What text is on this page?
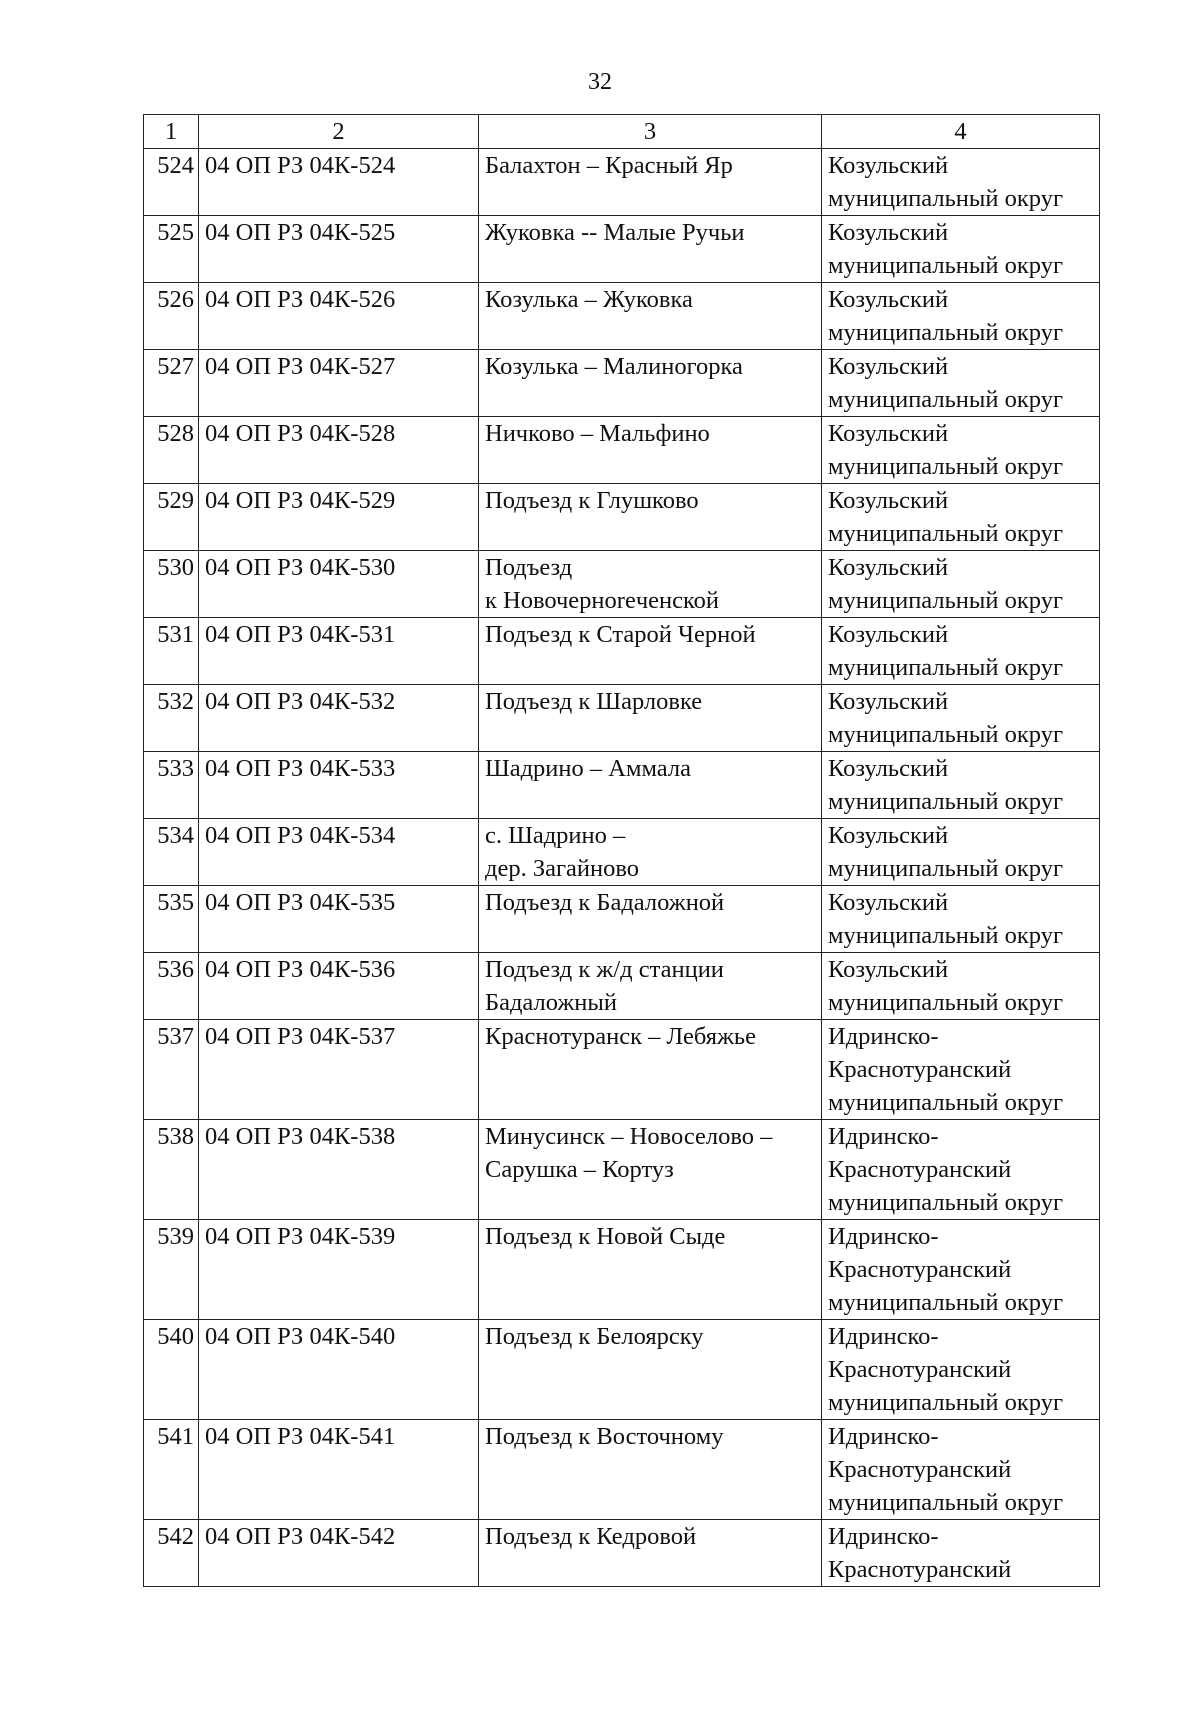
32
1	2	3	4
524	04 ОП РЗ 04К-524	Балахтон – Красный Яр	Козульский
муниципальный округ

525	04 ОП РЗ 04К-525	Жуковка -- Малые Ручьи	Козульский
муниципальный округ

526	04 ОП РЗ 04К-526	Козулька – Жуковка	Козульский
муниципальный округ

527	04 ОП РЗ 04К-527	Козулька – Малиногорка	Козульский
муниципальный округ

528	04 ОП РЗ 04К-528	Ничково – Мальфино	Козульский
муниципальный округ

529	04 ОП РЗ 04К-529	Подъезд к Глушково	Козульский
муниципальный округ

530	04 ОП РЗ 04К-530	Подъезд
к Новочерноreченской	Козульский
муниципальный округ

531	04 ОП РЗ 04К-531	Подъезд к Старой Черной	Козульский
муниципальный округ

532	04 ОП РЗ 04К-532	Подъезд к Шарловке	Козульский
муниципальный округ

533	04 ОП РЗ 04К-533	Шадрино – Аммала	Козульский
муниципальный округ

534	04 ОП РЗ 04К-534	с. Шадрино –
дер. Загайново	Козульский
муниципальный округ

535	04 ОП РЗ 04К-535	Подъезд к Бадаложной	Козульский
муниципальный округ

536	04 ОП РЗ 04К-536	Подъезд к ж/д станции
Бадаложный	Козульский
муниципальный округ

537	04 ОП РЗ 04К-537	Краснотуранск – Лебяжье	Идринско-
Краснотуранский
муниципальный округ

538	04 ОП РЗ 04К-538	Минусинск – Новоселово –
Сарушка – Кортуз	Идринско-
Краснотуранский
муниципальный округ

539	04 ОП РЗ 04К-539	Подъезд к Новой Сыде	Идринско-
Краснотуранский
муниципальный округ

540	04 ОП РЗ 04К-540	Подъезд к Белоярску	Идринско-
Краснотуранский
муниципальный округ

541	04 ОП РЗ 04К-541	Подъезд к Восточному	Идринско-
Краснотуранский
муниципальный округ

542	04 ОП РЗ 04К-542	Подъезд к Кедровой	Идринско-
Краснотуранский
